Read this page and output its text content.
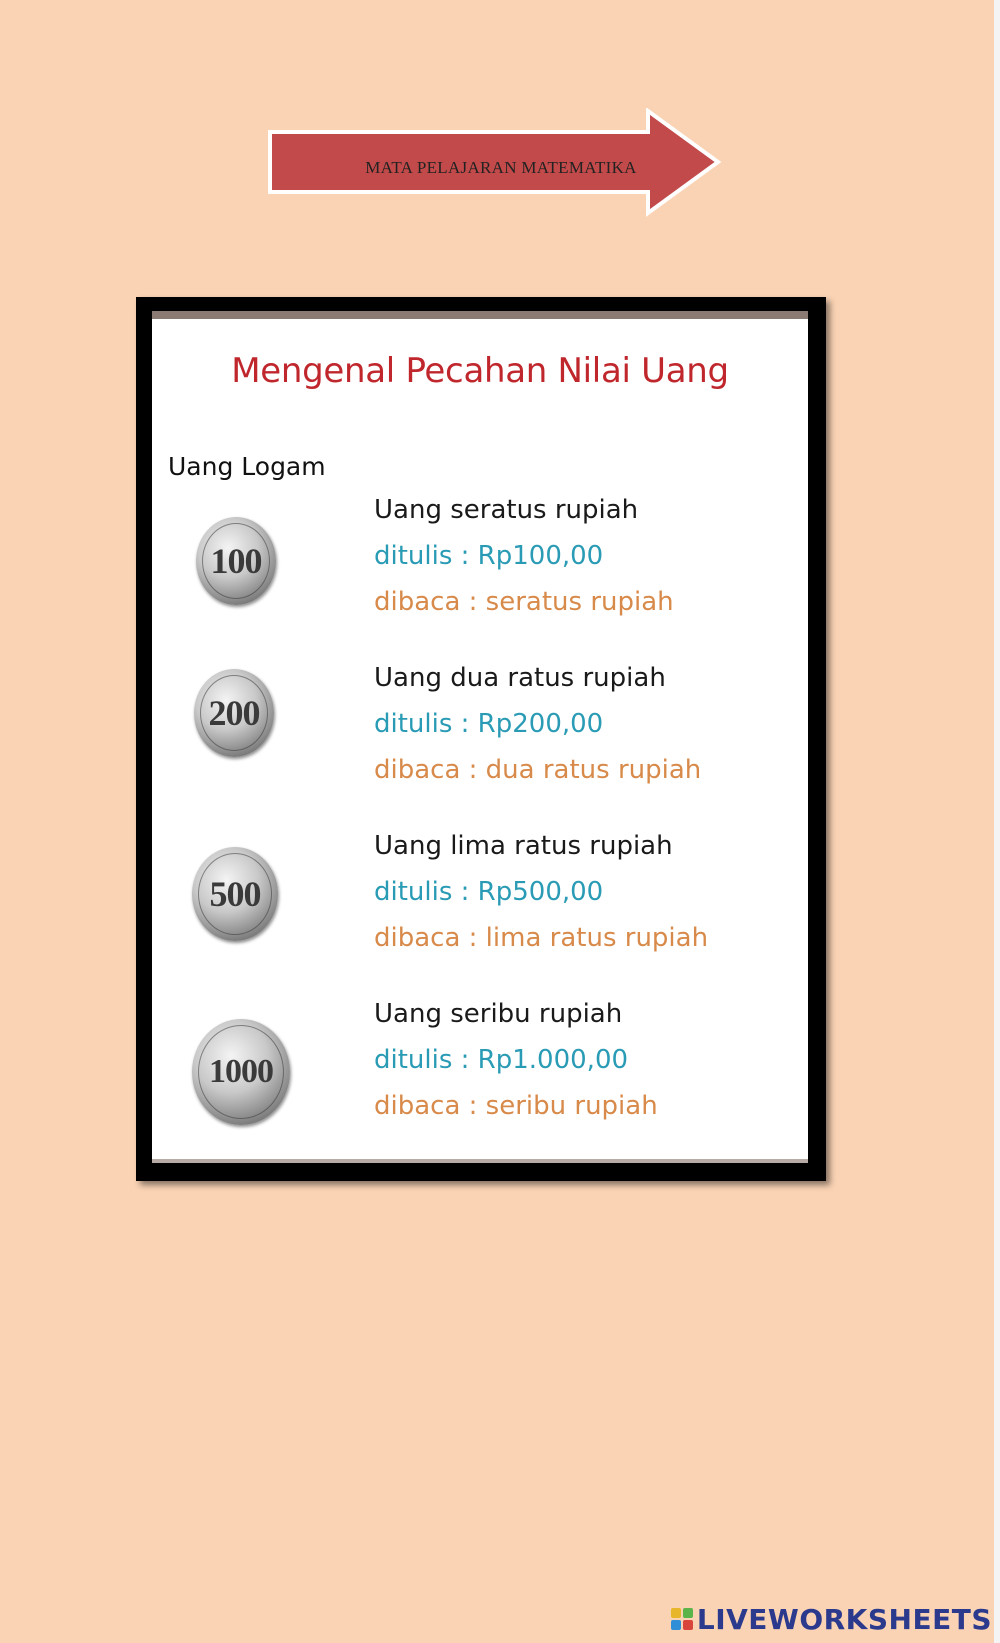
MATA PELAJARAN MATEMATIKA
Mengenal Pecahan Nilai Uang
Uang Logam
100
Uang seratus rupiah
ditulis : Rp100,00
dibaca : seratus rupiah
200
Uang dua ratus rupiah
ditulis : Rp200,00
dibaca : dua ratus rupiah
500
Uang lima ratus rupiah
ditulis : Rp500,00
dibaca : lima ratus rupiah
1000
Uang seribu rupiah
ditulis : Rp1.000,00
dibaca : seribu rupiah
LIVEWORKSHEETS
